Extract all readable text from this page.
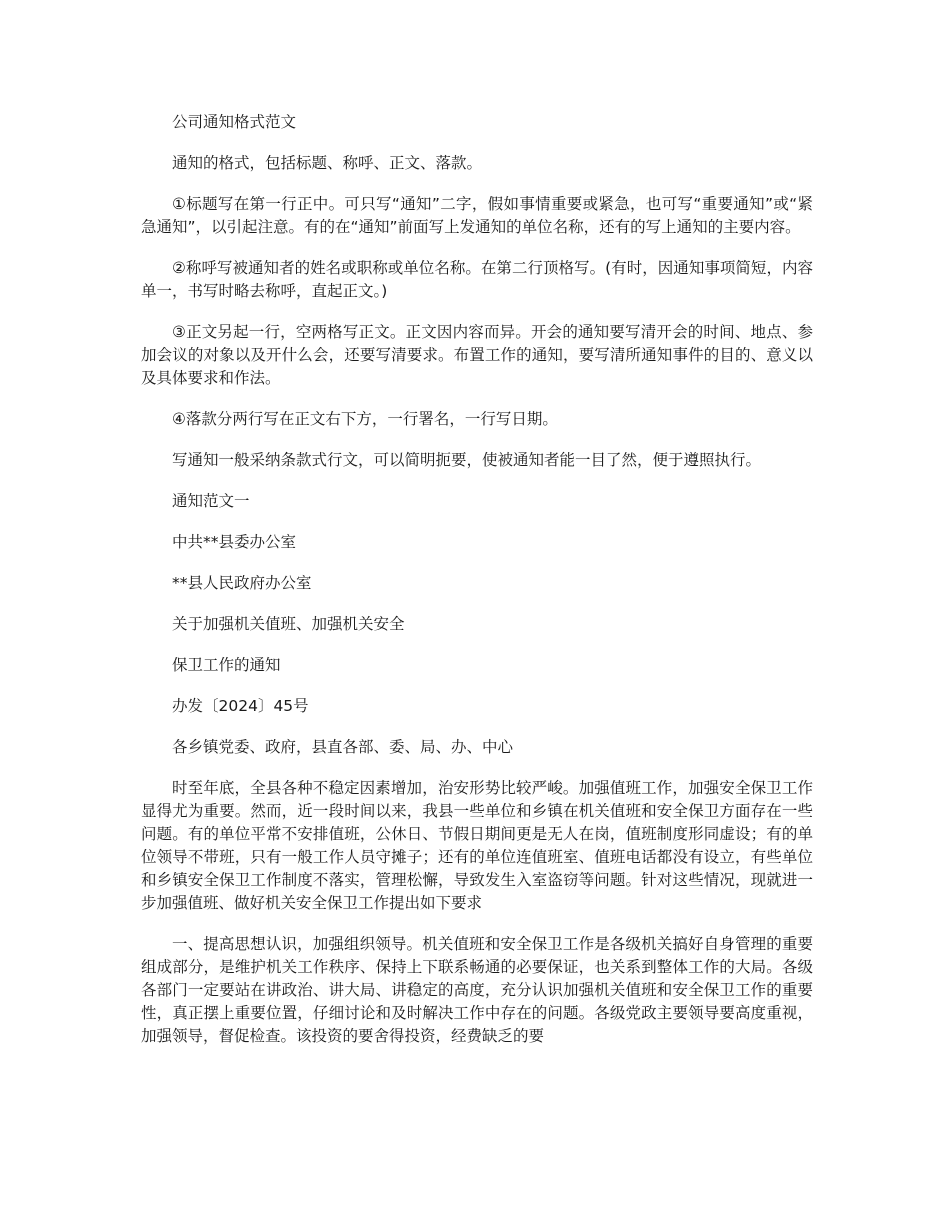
公司通知格式范文

通知的格式，包括标题、称呼、正文、落款。

①标题写在第一行正中。可只写“通知”二字，假如事情重要或紧急，也可写“重要通知”或“紧急通知”，以引起注意。有的在“通知”前面写上发通知的单位名称，还有的写上通知的主要内容。

②称呼写被通知者的姓名或职称或单位名称。在第二行顶格写。(有时，因通知事项简短，内容单一，书写时略去称呼，直起正文。)

③正文另起一行，空两格写正文。正文因内容而异。开会的通知要写清开会的时间、地点、参加会议的对象以及开什么会，还要写清要求。布置工作的通知，要写清所通知事件的目的、意义以及具体要求和作法。

④落款分两行写在正文右下方，一行署名，一行写日期。

写通知一般采纳条款式行文，可以简明扼要，使被通知者能一目了然，便于遵照执行。

通知范文一

中共**县委办公室

**县人民政府办公室

关于加强机关值班、加强机关安全

保卫工作的通知

办发〔2024〕45号

各乡镇党委、政府，县直各部、委、局、办、中心

时至年底，全县各种不稳定因素增加，治安形势比较严峻。加强值班工作，加强安全保卫工作显得尤为重要。然而，近一段时间以来，我县一些单位和乡镇在机关值班和安全保卫方面存在一些问题。有的单位平常不安排值班，公休日、节假日期间更是无人在岗，值班制度形同虚设；有的单位领导不带班，只有一般工作人员守摊子；还有的单位连值班室、值班电话都没有设立，有些单位和乡镇安全保卫工作制度不落实，管理松懈，导致发生入室盗窃等问题。针对这些情况，现就进一步加强值班、做好机关安全保卫工作提出如下要求

一、提高思想认识，加强组织领导。机关值班和安全保卫工作是各级机关搞好自身管理的重要组成部分，是维护机关工作秩序、保持上下联系畅通的必要保证，也关系到整体工作的大局。各级各部门一定要站在讲政治、讲大局、讲稳定的高度，充分认识加强机关值班和安全保卫工作的重要性，真正摆上重要位置，仔细讨论和及时解决工作中存在的问题。各级党政主要领导要高度重视，加强领导，督促检查。该投资的要舍得投资，经费缺乏的要
